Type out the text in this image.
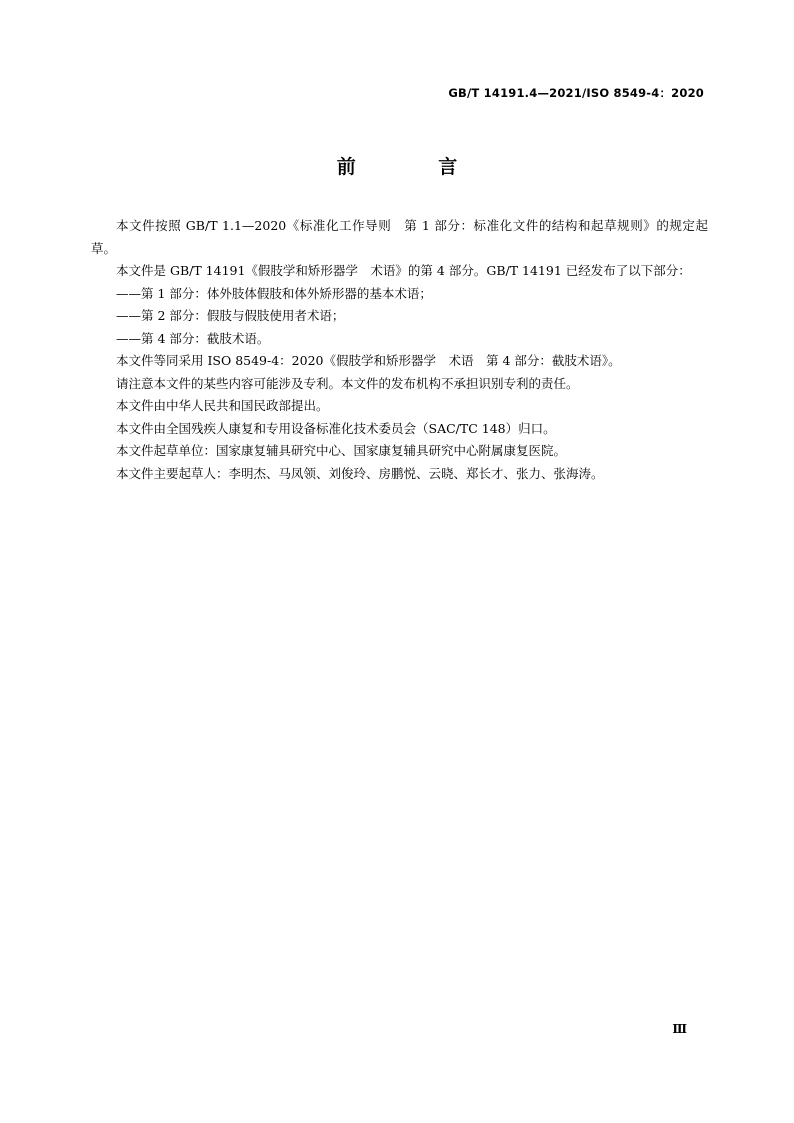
GB/T 14191.4—2021/ISO 8549-4：2020
前 言

本文件按照 GB/T 1.1—2020《标准化工作导则　第 1 部分：标准化文件的结构和起草规则》的规定起草。

本文件是 GB/T 14191《假肢学和矫形器学　术语》的第 4 部分。GB/T 14191 已经发布了以下部分：

——第 1 部分：体外肢体假肢和体外矫形器的基本术语；

——第 2 部分：假肢与假肢使用者术语；

——第 4 部分：截肢术语。

本文件等同采用 ISO 8549-4：2020《假肢学和矫形器学　术语　第 4 部分：截肢术语》。

请注意本文件的某些内容可能涉及专利。本文件的发布机构不承担识别专利的责任。

本文件由中华人民共和国民政部提出。

本文件由全国残疾人康复和专用设备标准化技术委员会（SAC/TC 148）归口。

本文件起草单位：国家康复辅具研究中心、国家康复辅具研究中心附属康复医院。

本文件主要起草人：李明杰、马凤领、刘俊玲、房鹏悦、云晓、郑长才、张力、张海涛。

Ⅲ
